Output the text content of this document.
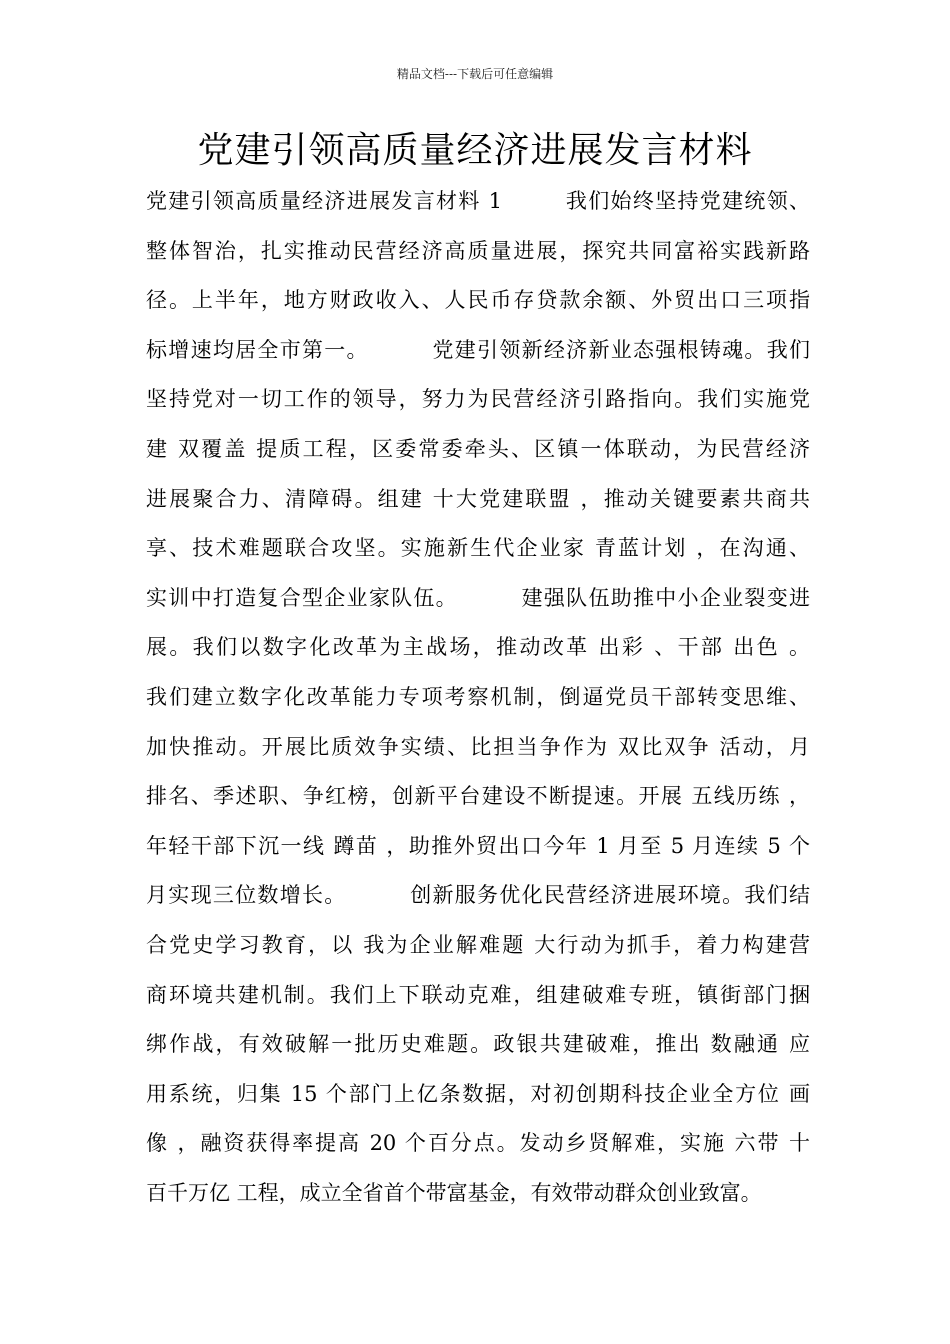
精品文档---下载后可任意编辑
党建引领高质量经济进展发言材料
党建引领高质量经济进展发言材料 1        我们始终坚持党建统领、
整体智治，扎实推动民营经济高质量进展，探究共同富裕实践新路
径。上半年，地方财政收入、人民币存贷款余额、外贸出口三项指
标增速均居全市第一。        党建引领新经济新业态强根铸魂。我们
坚持党对一切工作的领导，努力为民营经济引路指向。我们实施党
建 双覆盖 提质工程，区委常委牵头、区镇一体联动，为民营经济
进展聚合力、清障碍。组建 十大党建联盟 ，推动关键要素共商共
享、技术难题联合攻坚。实施新生代企业家 青蓝计划 ，在沟通、
实训中打造复合型企业家队伍。        建强队伍助推中小企业裂变进
展。我们以数字化改革为主战场，推动改革 出彩 、干部 出色 。
我们建立数字化改革能力专项考察机制，倒逼党员干部转变思维、
加快推动。开展比质效争实绩、比担当争作为 双比双争 活动，月
排名、季述职、争红榜，创新平台建设不断提速。开展 五线历练 ，
年轻干部下沉一线 蹲苗 ，助推外贸出口今年 1 月至 5 月连续 5 个
月实现三位数增长。        创新服务优化民营经济进展环境。我们结
合党史学习教育，以 我为企业解难题 大行动为抓手，着力构建营
商环境共建机制。我们上下联动克难，组建破难专班，镇街部门捆
绑作战，有效破解一批历史难题。政银共建破难，推出 数融通 应
用系统，归集 15 个部门上亿条数据，对初创期科技企业全方位 画
像 ，融资获得率提高 20 个百分点。发动乡贤解难，实施 六带 十
百千万亿 工程，成立全省首个带富基金，有效带动群众创业致富。
